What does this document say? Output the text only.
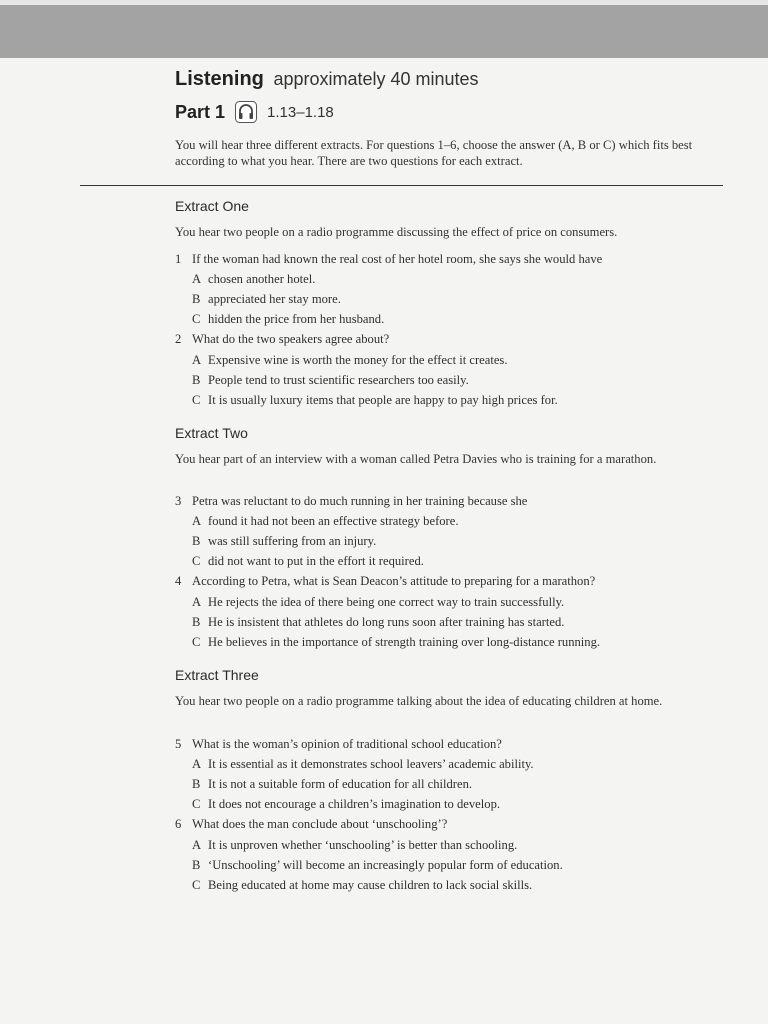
Listening approximately 40 minutes
Part 1	1.13–1.18
You will hear three different extracts. For questions 1–6, choose the answer (A, B or C) which fits best according to what you hear. There are two questions for each extract.
Extract One
You hear two people on a radio programme discussing the effect of price on consumers.
1 If the woman had known the real cost of her hotel room, she says she would have
A chosen another hotel.
B appreciated her stay more.
C hidden the price from her husband.
2 What do the two speakers agree about?
A Expensive wine is worth the money for the effect it creates.
B People tend to trust scientific researchers too easily.
C It is usually luxury items that people are happy to pay high prices for.
Extract Two
You hear part of an interview with a woman called Petra Davies who is training for a marathon.
3 Petra was reluctant to do much running in her training because she
A found it had not been an effective strategy before.
B was still suffering from an injury.
C did not want to put in the effort it required.
4 According to Petra, what is Sean Deacon’s attitude to preparing for a marathon?
A He rejects the idea of there being one correct way to train successfully.
B He is insistent that athletes do long runs soon after training has started.
C He believes in the importance of strength training over long-distance running.
Extract Three
You hear two people on a radio programme talking about the idea of educating children at home.
5 What is the woman’s opinion of traditional school education?
A It is essential as it demonstrates school leavers’ academic ability.
B It is not a suitable form of education for all children.
C It does not encourage a children’s imagination to develop.
6 What does the man conclude about ‘unschooling’?
A It is unproven whether ‘unschooling’ is better than schooling.
B ‘Unschooling’ will become an increasingly popular form of education.
C Being educated at home may cause children to lack social skills.
